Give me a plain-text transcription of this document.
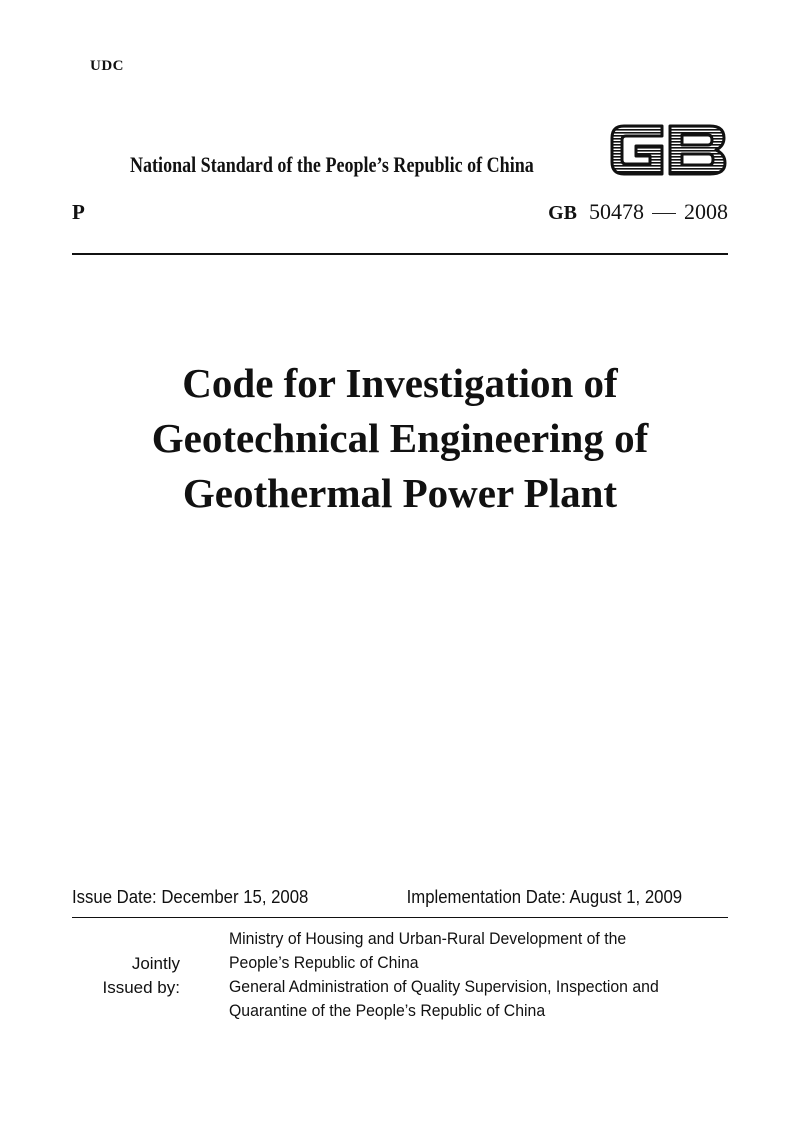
UDC
National Standard of the People’s Republic of China
P	GB 50478 2008
Code for Investigation of
Geotechnical Engineering of
Geothermal Power Plant
Issue Date: December 15, 2008	Implementation Date: August 1, 2009
Jointly
Issued by:
Ministry of Housing and Urban-Rural Development of the
People’s Republic of China
General Administration of Quality Supervision, Inspection and
Quarantine of the People’s Republic of China
